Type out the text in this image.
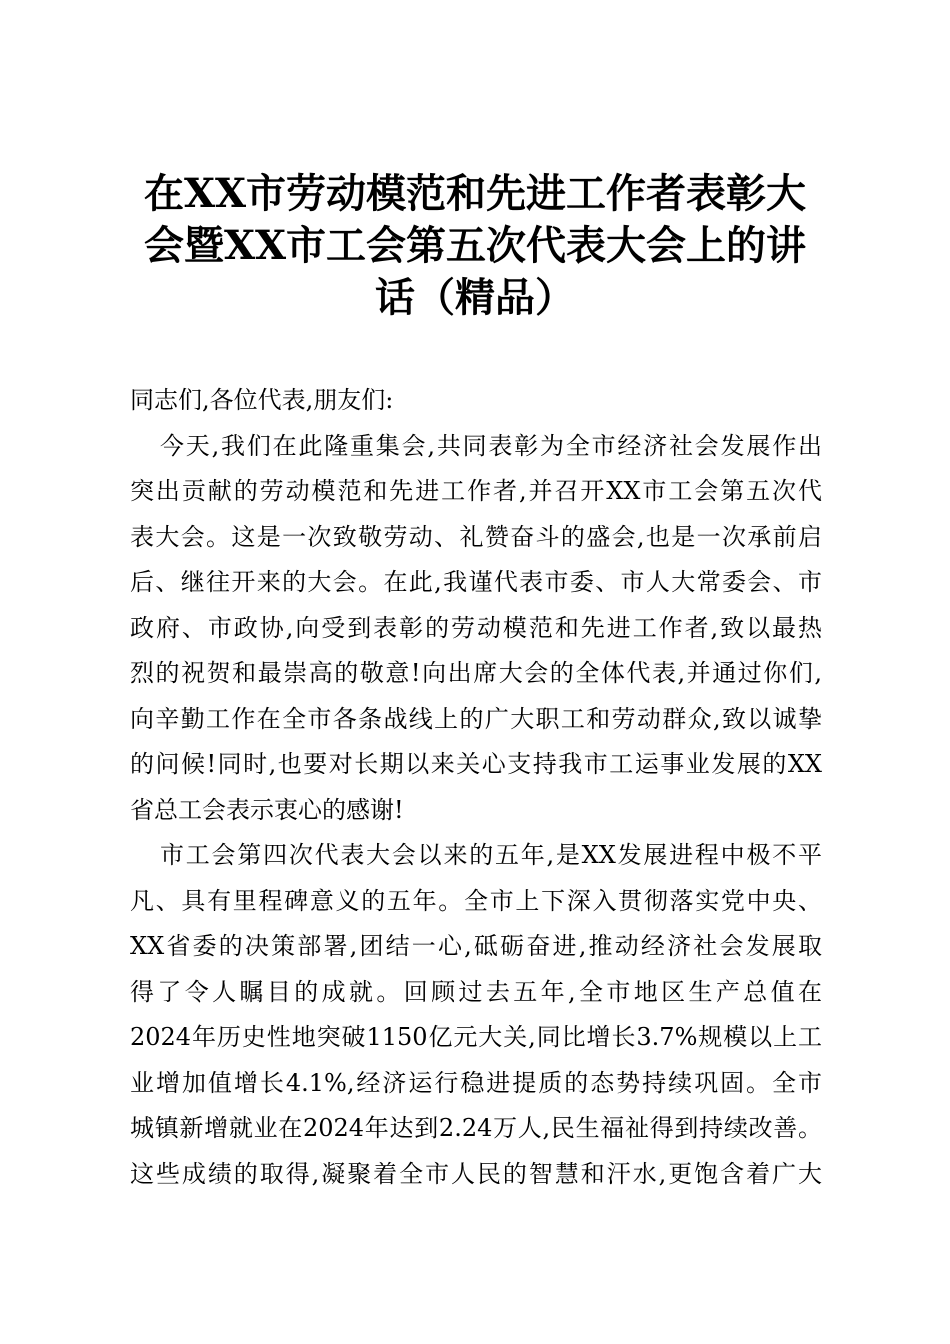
在XX市劳动模范和先进工作者表彰大
会暨XX市工会第五次代表大会上的讲
话（精品）
同志们,各位代表,朋友们:
今天,我们在此隆重集会,共同表彰为全市经济社会发展作出
突出贡献的劳动模范和先进工作者,并召开XX市工会第五次代
表大会。这是一次致敬劳动、礼赞奋斗的盛会,也是一次承前启
后、继往开来的大会。在此,我谨代表市委、市人大常委会、市
政府、市政协,向受到表彰的劳动模范和先进工作者,致以最热
烈的祝贺和最崇高的敬意!向出席大会的全体代表,并通过你们,
向辛勤工作在全市各条战线上的广大职工和劳动群众,致以诚挚
的问候!同时,也要对长期以来关心支持我市工运事业发展的XX
省总工会表示衷心的感谢!
市工会第四次代表大会以来的五年,是XX发展进程中极不平
凡、具有里程碑意义的五年。全市上下深入贯彻落实党中央、
XX省委的决策部署,团结一心,砥砺奋进,推动经济社会发展取
得了令人瞩目的成就。回顾过去五年,全市地区生产总值在
2024年历史性地突破1150亿元大关,同比增长3.7%规模以上工
业增加值增长4.1%,经济运行稳进提质的态势持续巩固。全市
城镇新增就业在2024年达到2.24万人,民生福祉得到持续改善。
这些成绩的取得,凝聚着全市人民的智慧和汗水,更饱含着广大
